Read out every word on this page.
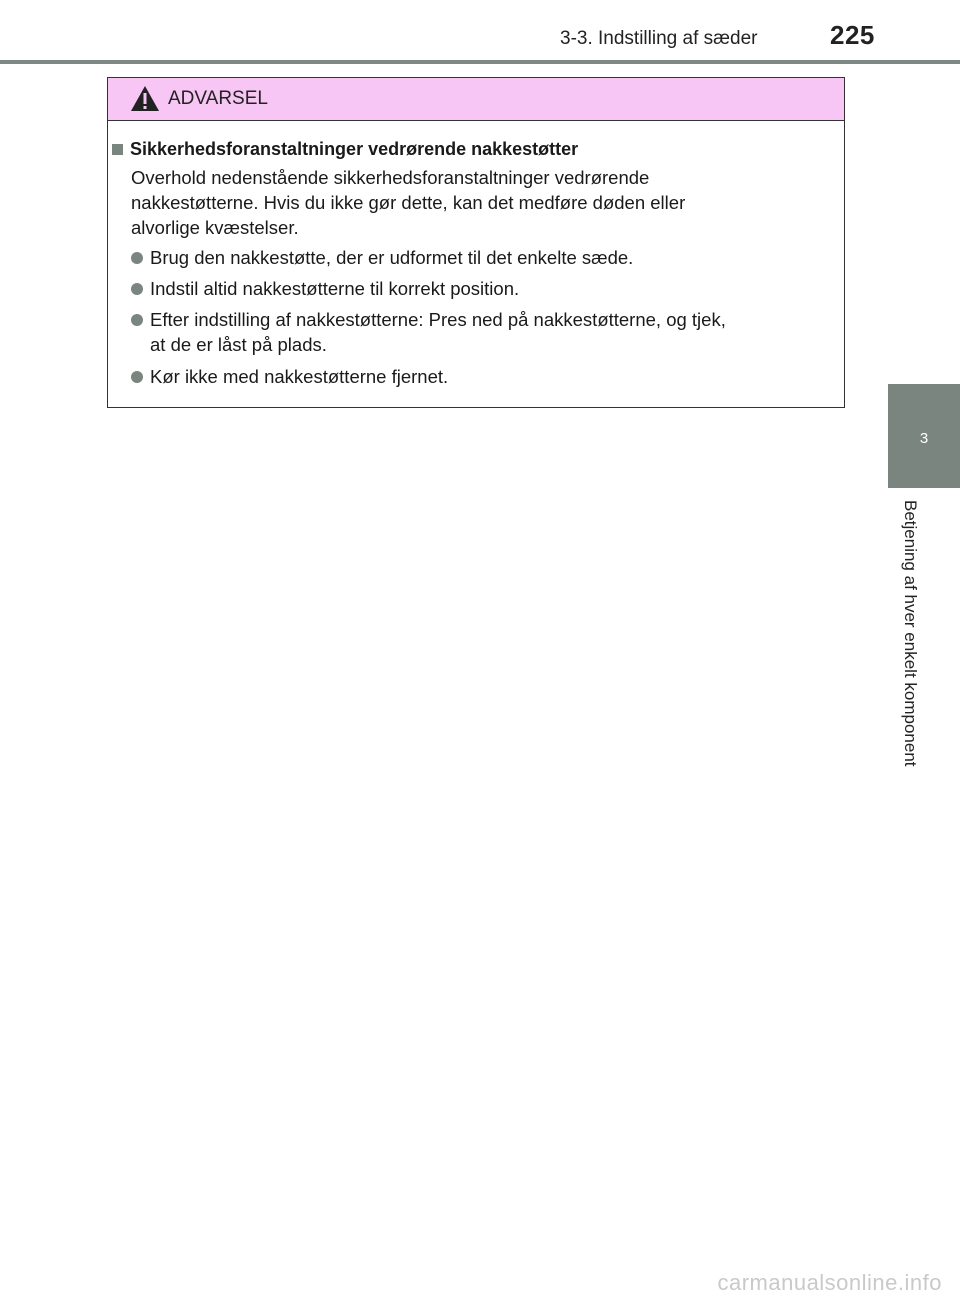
3-3. Indstilling af sæder	225
3
Betjening af hver enkelt komponent
ADVARSEL
Sikkerhedsforanstaltninger vedrørende nakkestøtter
Overhold nedenstående sikkerhedsforanstaltninger vedrørende nakkestøtterne. Hvis du ikke gør dette, kan det medføre døden eller alvorlige kvæstelser.
Brug den nakkestøtte, der er udformet til det enkelte sæde.
Indstil altid nakkestøtterne til korrekt position.
Efter indstilling af nakkestøtterne: Pres ned på nakkestøtterne, og tjek, at de er låst på plads.
Kør ikke med nakkestøtterne fjernet.
carmanualsonline.info
